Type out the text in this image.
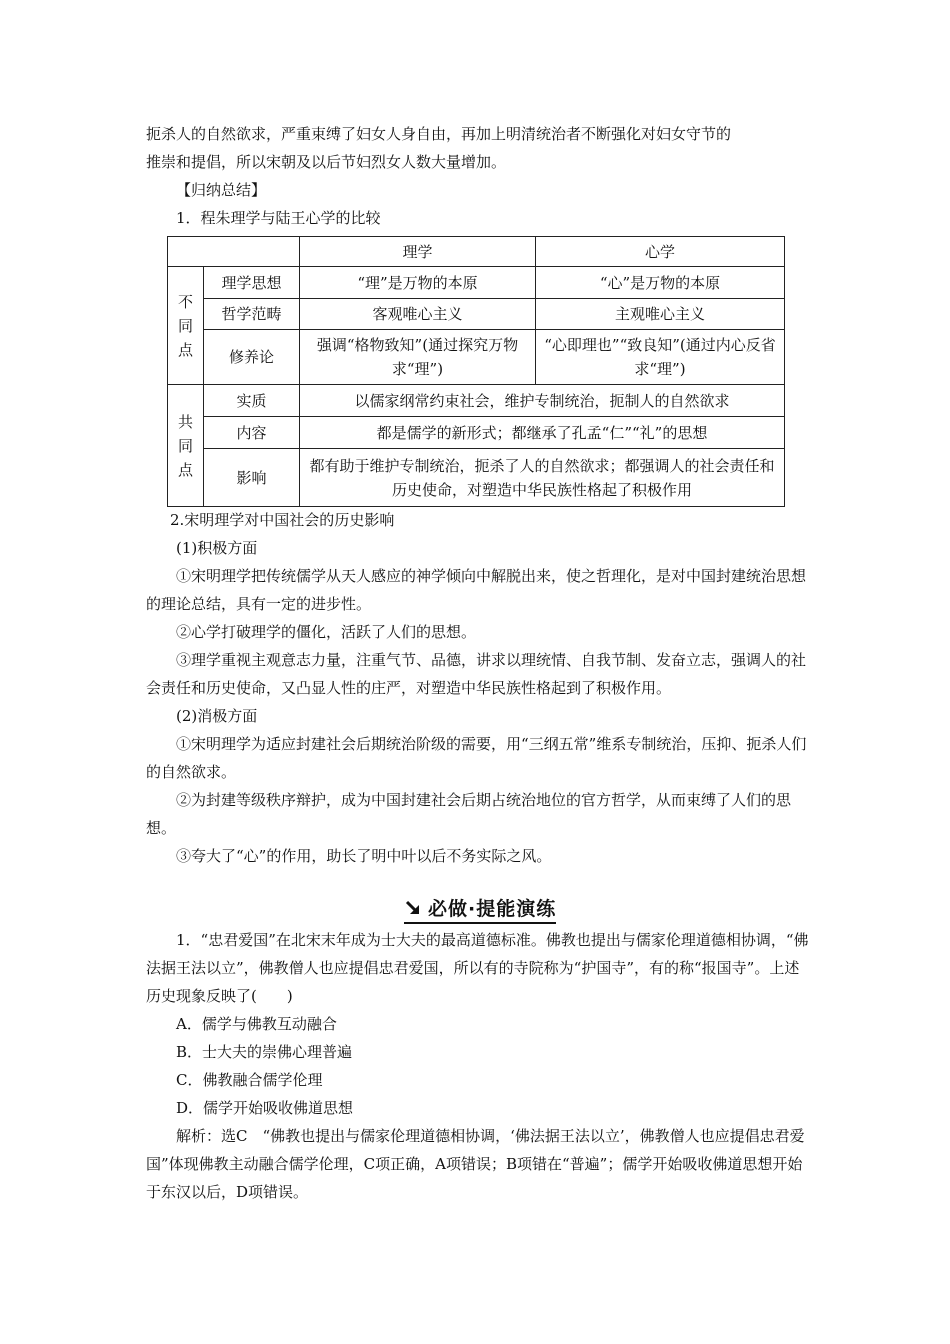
扼杀人的自然欲求，严重束缚了妇女人身自由，再加上明清统治者不断强化对妇女守节的

推崇和提倡，所以宋朝及以后节妇烈女人数大量增加。

【归纳总结】

1．程朱理学与陆王心学的比较

		理学	心学
不同点	理学思想	“理”是万物的本原	“心”是万物的本原
	哲学范畴	客观唯心主义	主观唯心主义
	修养论	强调“格物致知”(通过探究万物求“理”)	“心即理也”“致良知”(通过内心反省求“理”)
共同点	实质	以儒家纲常约束社会，维护专制统治，扼制人的自然欲求	
	内容	都是儒学的新形式；都继承了孔孟“仁”“礼”的思想	
	影响	都有助于维护专制统治，扼杀了人的自然欲求；都强调人的社会责任和历史使命，对塑造中华民族性格起了积极作用	

2.宋明理学对中国社会的历史影响

(1)积极方面

①宋明理学把传统儒学从天人感应的神学倾向中解脱出来，使之哲理化，是对中国封建统治思想的理论总结，具有一定的进步性。

②心学打破理学的僵化，活跃了人们的思想。

③理学重视主观意志力量，注重气节、品德，讲求以理统情、自我节制、发奋立志，强调人的社会责任和历史使命，又凸显人性的庄严，对塑造中华民族性格起到了积极作用。

(2)消极方面

①宋明理学为适应封建社会后期统治阶级的需要，用“三纲五常”维系专制统治，压抑、扼杀人们的自然欲求。

②为封建等级秩序辩护，成为中国封建社会后期占统治地位的官方哲学，从而束缚了人们的思想。

③夸大了“心”的作用，助长了明中叶以后不务实际之风。

必做·提能演练

1．“忠君爱国”在北宋末年成为士大夫的最高道德标准。佛教也提出与儒家伦理道德相协调，“佛法据王法以立”，佛教僧人也应提倡忠君爱国，所以有的寺院称为“护国寺”，有的称“报国寺”。上述历史现象反映了(　　)

A．儒学与佛教互动融合

B．士大夫的崇佛心理普遍

C．佛教融合儒学伦理

D．儒学开始吸收佛道思想

解析：选C　“佛教也提出与儒家伦理道德相协调，‘佛法据王法以立’，佛教僧人也应提倡忠君爱国”体现佛教主动融合儒学伦理，C项正确，A项错误；B项错在“普遍”；儒学开始吸收佛道思想开始于东汉以后，D项错误。
